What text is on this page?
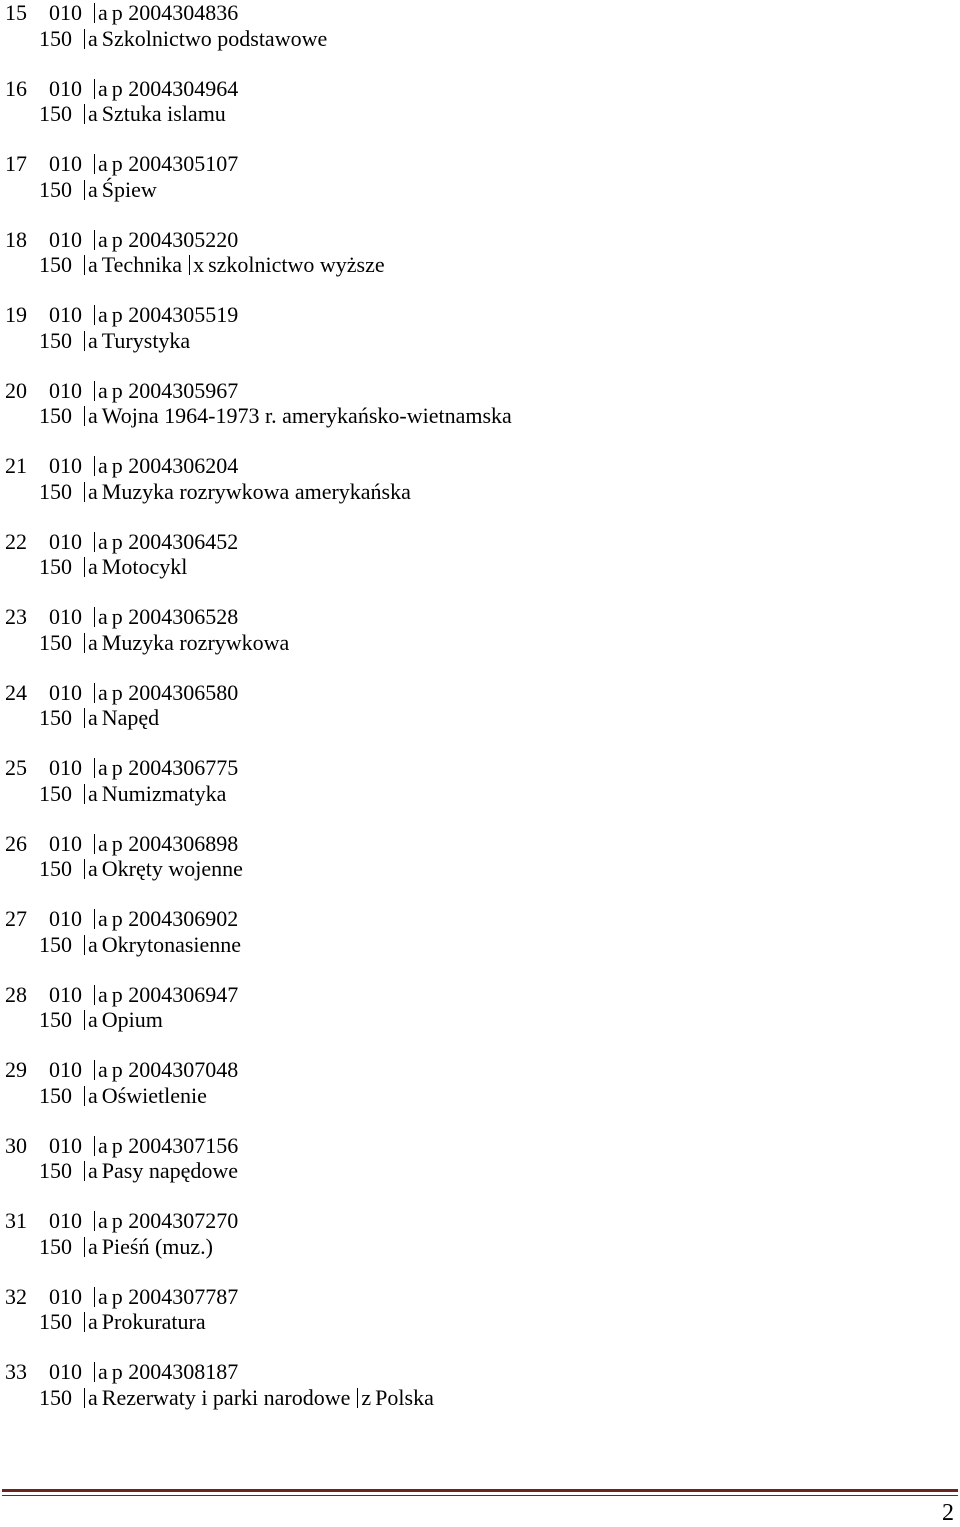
15 010 a p 2004304836
150 a Szkolnictwo podstawowe
16 010 a p 2004304964
150 a Sztuka islamu
17 010 a p 2004305107
150 a Śpiew
18 010 a p 2004305220
150 a Technika x szkolnictwo wyższe
19 010 a p 2004305519
150 a Turystyka
20 010 a p 2004305967
150 a Wojna 1964-1973 r. amerykańsko-wietnamska
21 010 a p 2004306204
150 a Muzyka rozrywkowa amerykańska
22 010 a p 2004306452
150 a Motocykl
23 010 a p 2004306528
150 a Muzyka rozrywkowa
24 010 a p 2004306580
150 a Napęd
25 010 a p 2004306775
150 a Numizmatyka
26 010 a p 2004306898
150 a Okręty wojenne
27 010 a p 2004306902
150 a Okrytonasienne
28 010 a p 2004306947
150 a Opium
29 010 a p 2004307048
150 a Oświetlenie
30 010 a p 2004307156
150 a Pasy napędowe
31 010 a p 2004307270
150 a Pieśń (muz.)
32 010 a p 2004307787
150 a Prokuratura
33 010 a p 2004308187
150 a Rezerwaty i parki narodowe z Polska
2
